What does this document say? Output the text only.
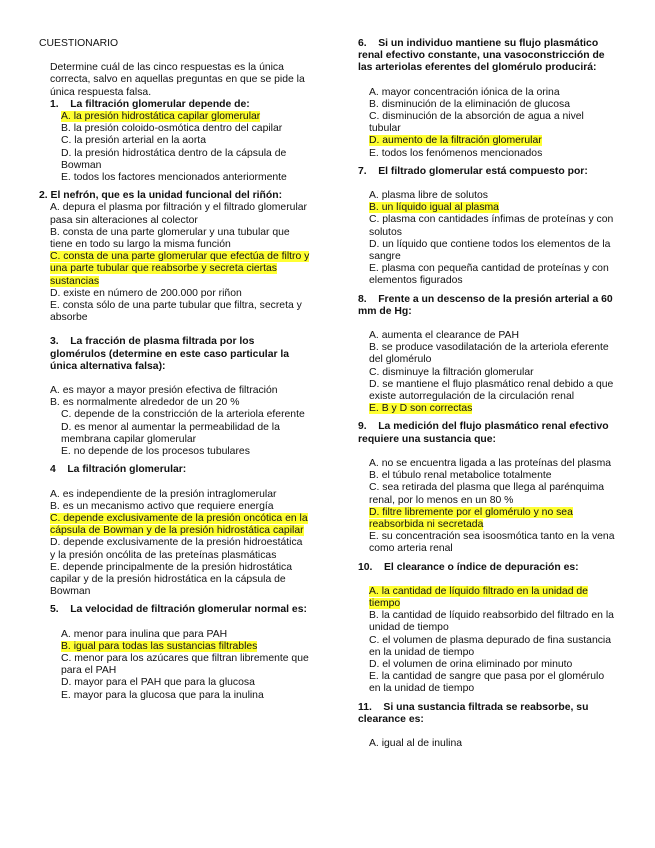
CUESTIONARIO

Determine cuál de las cinco respuestas es la única correcta, salvo en aquellas preguntas en que se pide la única respuesta falsa.

1.    La filtración glomerular depende de:

A. la presión hidrostática capilar glomerular

B. la presión coloido-osmótica dentro del capilar

C. la presión arterial en la aorta

D. la presión hidrostática dentro de la cápsula de Bowman

E. todos los factores mencionados anteriormente

2. El nefrón, que es la unidad funcional del riñón:

A. depura el plasma por filtración y el filtrado glomerular pasa sin alteraciones al colector

B. consta de una parte glomerular y una tubular que tiene en todo su largo la misma función

C. consta de una parte glomerular que efectúa de filtro y una parte tubular que reabsorbe y secreta ciertas sustancias

D. existe en número de 200.000 por riñon

E. consta sólo de una parte tubular que filtra, secreta y absorbe

3.    La fracción de plasma filtrada por los glomérulos (determine en este caso particular la única alternativa falsa):

A. es mayor a mayor presión efectiva de filtración

B. es normalmente alrededor de un 20 %

C. depende de la constricción de la arteriola eferente

D. es menor al aumentar la permeabilidad de la membrana capilar glomerular

E. no depende de los procesos tubulares

4    La filtración glomerular:

A. es independiente de la presión intraglomerular

B. es un mecanismo activo que requiere energía

C. depende exclusivamente de la presión oncótica en la cápsula de Bowman y de la presión hidrostática capilar

D. depende exclusivamente de la presión hidroestática y la presión oncólita de las preteínas plasmáticas

E. depende principalmente de la presión hidrostática capilar y de la presión hidrostática en la cápsula de Bowman

5.    La velocidad de filtración glomerular normal es:

A. menor para inulina que para PAH

B. igual para todas las sustancias filtrables

C. menor para los azúcares que filtran libremente que para el PAH

D. mayor para el PAH que para la glucosa

E. mayor para la glucosa que para la inulina

6.    Si un individuo mantiene su flujo plasmático renal efectivo constante, una vasoconstricción de las arteriolas eferentes del glomérulo producirá:

A. mayor concentración iónica de la orina

B. disminución de la eliminación de glucosa

C. disminución de la absorción de agua a nivel tubular

D. aumento de la filtración glomerular

E. todos los fenómenos mencionados

7.    El filtrado glomerular está compuesto por:

A. plasma libre de solutos

B. un líquido igual al plasma

C. plasma con cantidades ínfimas de proteínas y con solutos

D. un líquido que contiene todos los elementos de la sangre

E. plasma con pequeña cantidad de proteínas y con elementos figurados

8.    Frente a un descenso de la presión arterial a 60 mm de Hg:

A. aumenta el clearance de PAH

B. se produce vasodilatación de la arteriola eferente del glomérulo

C. disminuye la filtración glomerular

D. se mantiene el flujo plasmático renal debido a que existe autorregulación de la circulación renal

E. B y D son correctas

9.    La medición del flujo plasmático renal efectivo requiere una sustancia que:

A. no se encuentra ligada a las proteínas del plasma

B. el túbulo renal metabolice totalmente

C. sea retirada del plasma que llega al parénquima renal, por lo menos en un 80 %

D. filtre libremente por el glomérulo y no sea reabsorbida ni secretada

E. su concentración sea isoosmótica tanto en la vena como arteria renal

10.    El clearance o índice de depuración es:

A. la cantidad de líquido filtrado en la unidad de tiempo

B. la cantidad de líquido reabsorbido del filtrado en la unidad de tiempo

C. el volumen de plasma depurado de fina sustancia en la unidad de tiempo

D. el volumen de orina eliminado por minuto

E. la cantidad de sangre que pasa por el glomérulo en la unidad de tiempo

11.    Si una sustancia filtrada se reabsorbe, su clearance es:

A. igual al de inulina
